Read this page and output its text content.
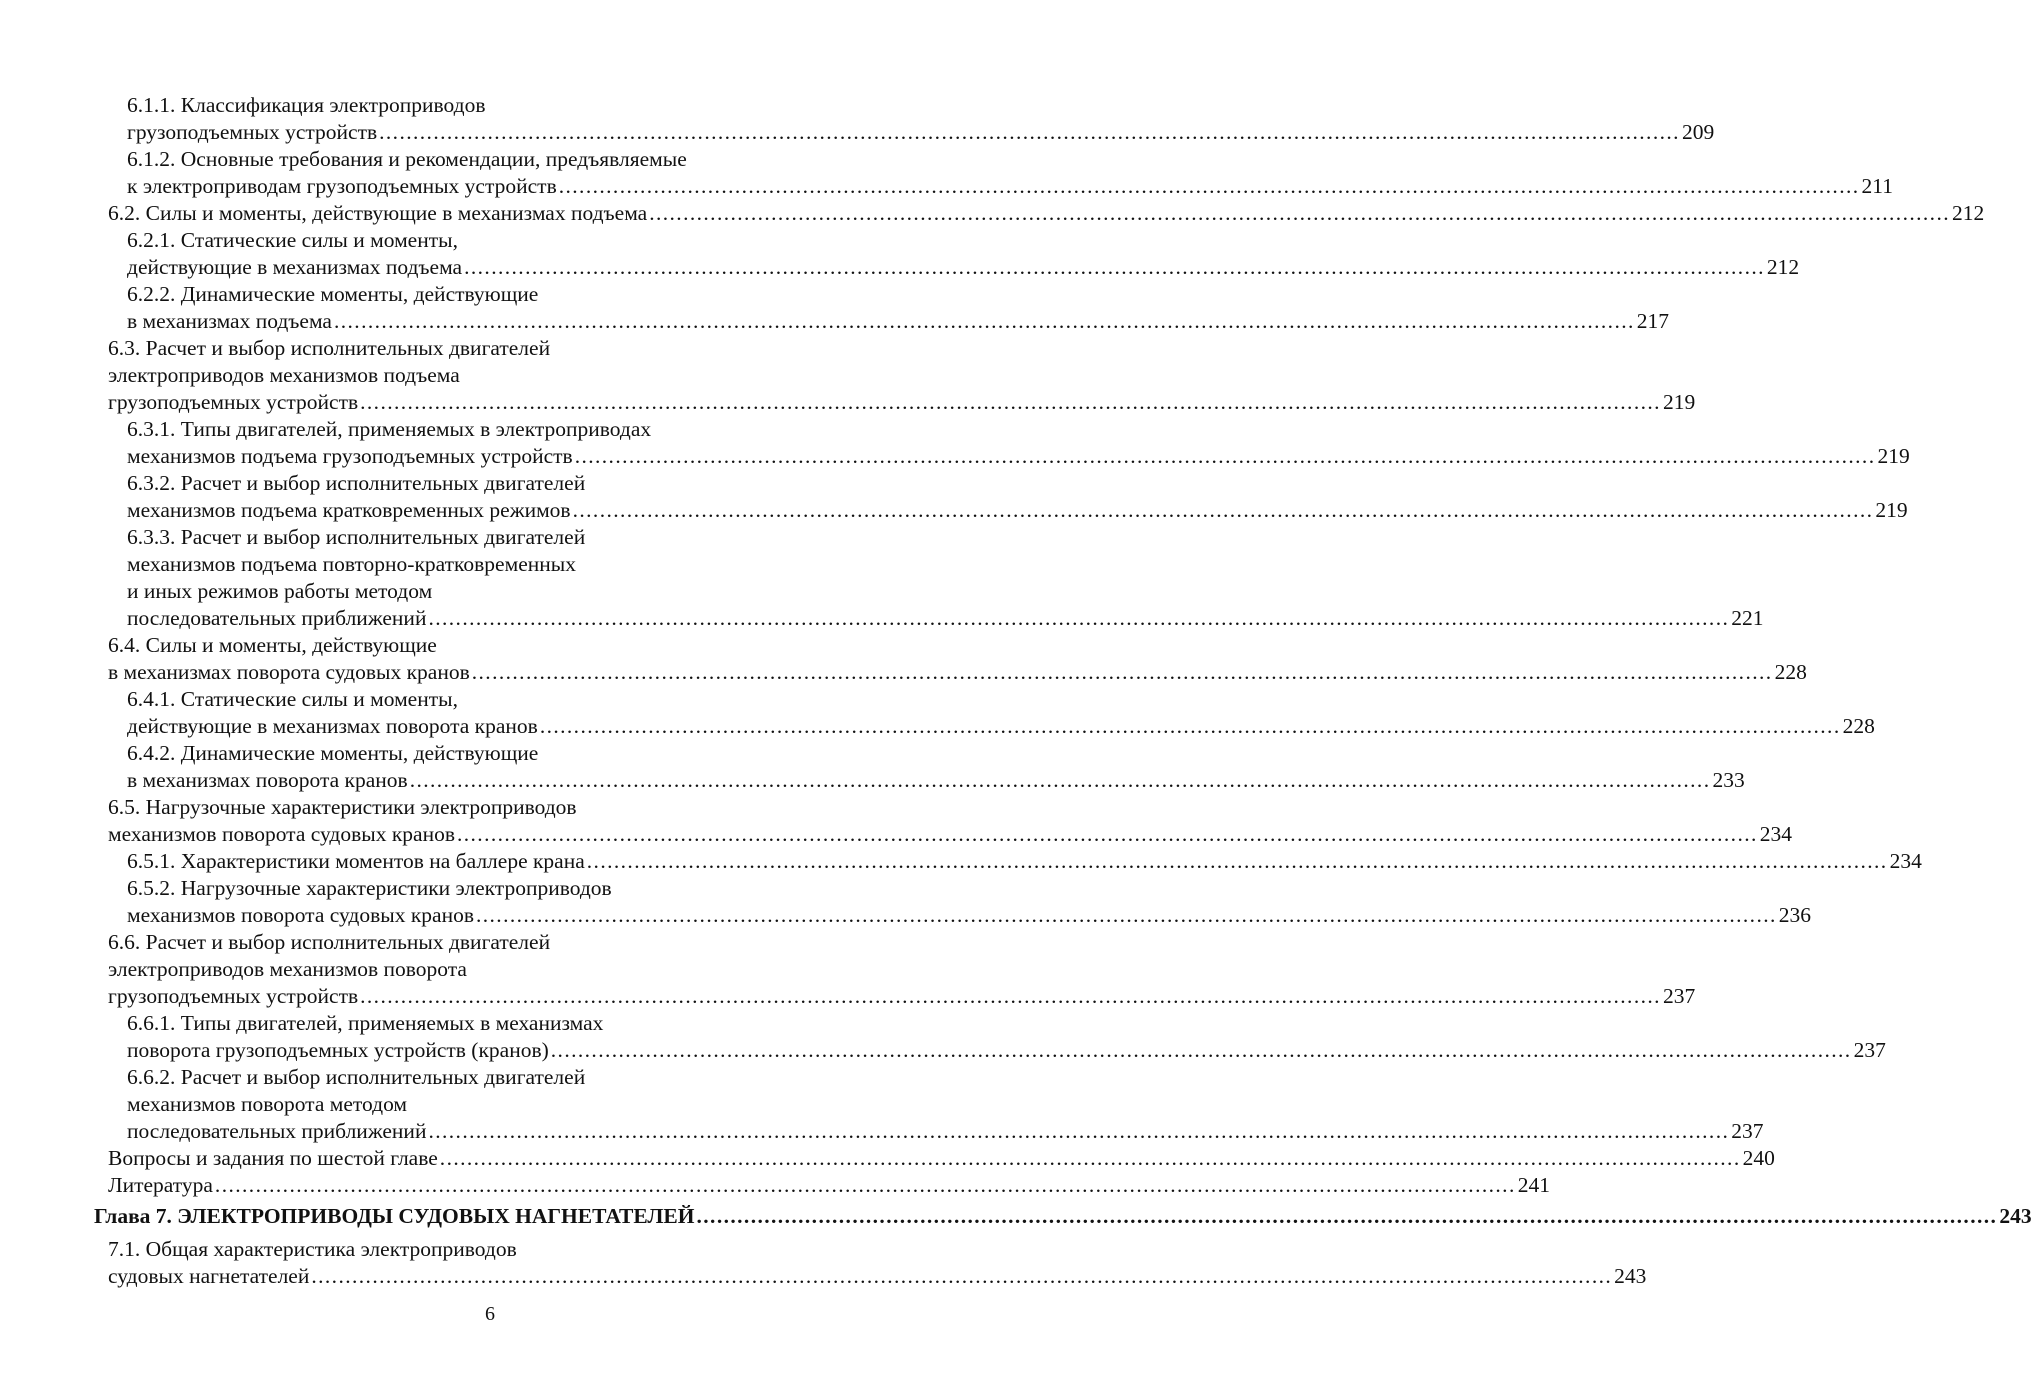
6.1.1. Классификация электроприводов
грузоподъемных устройств .....	209
6.1.2. Основные требования и рекомендации, предъявляемые
к электроприводам грузоподъемных устройств .....	211
6.2. Силы и моменты, действующие в механизмах подъема .....	212
6.2.1. Статические силы и моменты,
действующие в механизмах подъема .....	212
6.2.2. Динамические моменты, действующие
в механизмах подъема .....	217
6.3. Расчет и выбор исполнительных двигателей
электроприводов механизмов подъема
грузоподъемных устройств .....	219
6.3.1. Типы двигателей, применяемых в электроприводах
механизмов подъема грузоподъемных устройств .....	219
6.3.2. Расчет и выбор исполнительных двигателей
механизмов подъема кратковременных режимов .....	219
6.3.3. Расчет и выбор исполнительных двигателей
механизмов подъема повторно-кратковременных
и иных режимов работы методом
последовательных приближений .....	221
6.4. Силы и моменты, действующие
в механизмах поворота судовых кранов .....	228
6.4.1. Статические силы и моменты,
действующие в механизмах поворота кранов .....	228
6.4.2. Динамические моменты, действующие
в механизмах поворота кранов .....	233
6.5. Нагрузочные характеристики электроприводов
механизмов поворота судовых кранов .....	234
6.5.1. Характеристики моментов на баллере крана .....	234
6.5.2. Нагрузочные характеристики электроприводов
механизмов поворота судовых кранов .....	236
6.6. Расчет и выбор исполнительных двигателей
электроприводов механизмов поворота
грузоподъемных устройств .....	237
6.6.1. Типы двигателей, применяемых в механизмах
поворота грузоподъемных устройств (кранов) .....	237
6.6.2. Расчет и выбор исполнительных двигателей
механизмов поворота методом
последовательных приближений .....	237
Вопросы и задания по шестой главе .....	240
Литература .....	241
Глава 7. ЭЛЕКТРОПРИВОДЫ СУДОВЫХ НАГНЕТАТЕЛЕЙ .....	243
7.1. Общая характеристика электроприводов
судовых нагнетателей .....	243
6
